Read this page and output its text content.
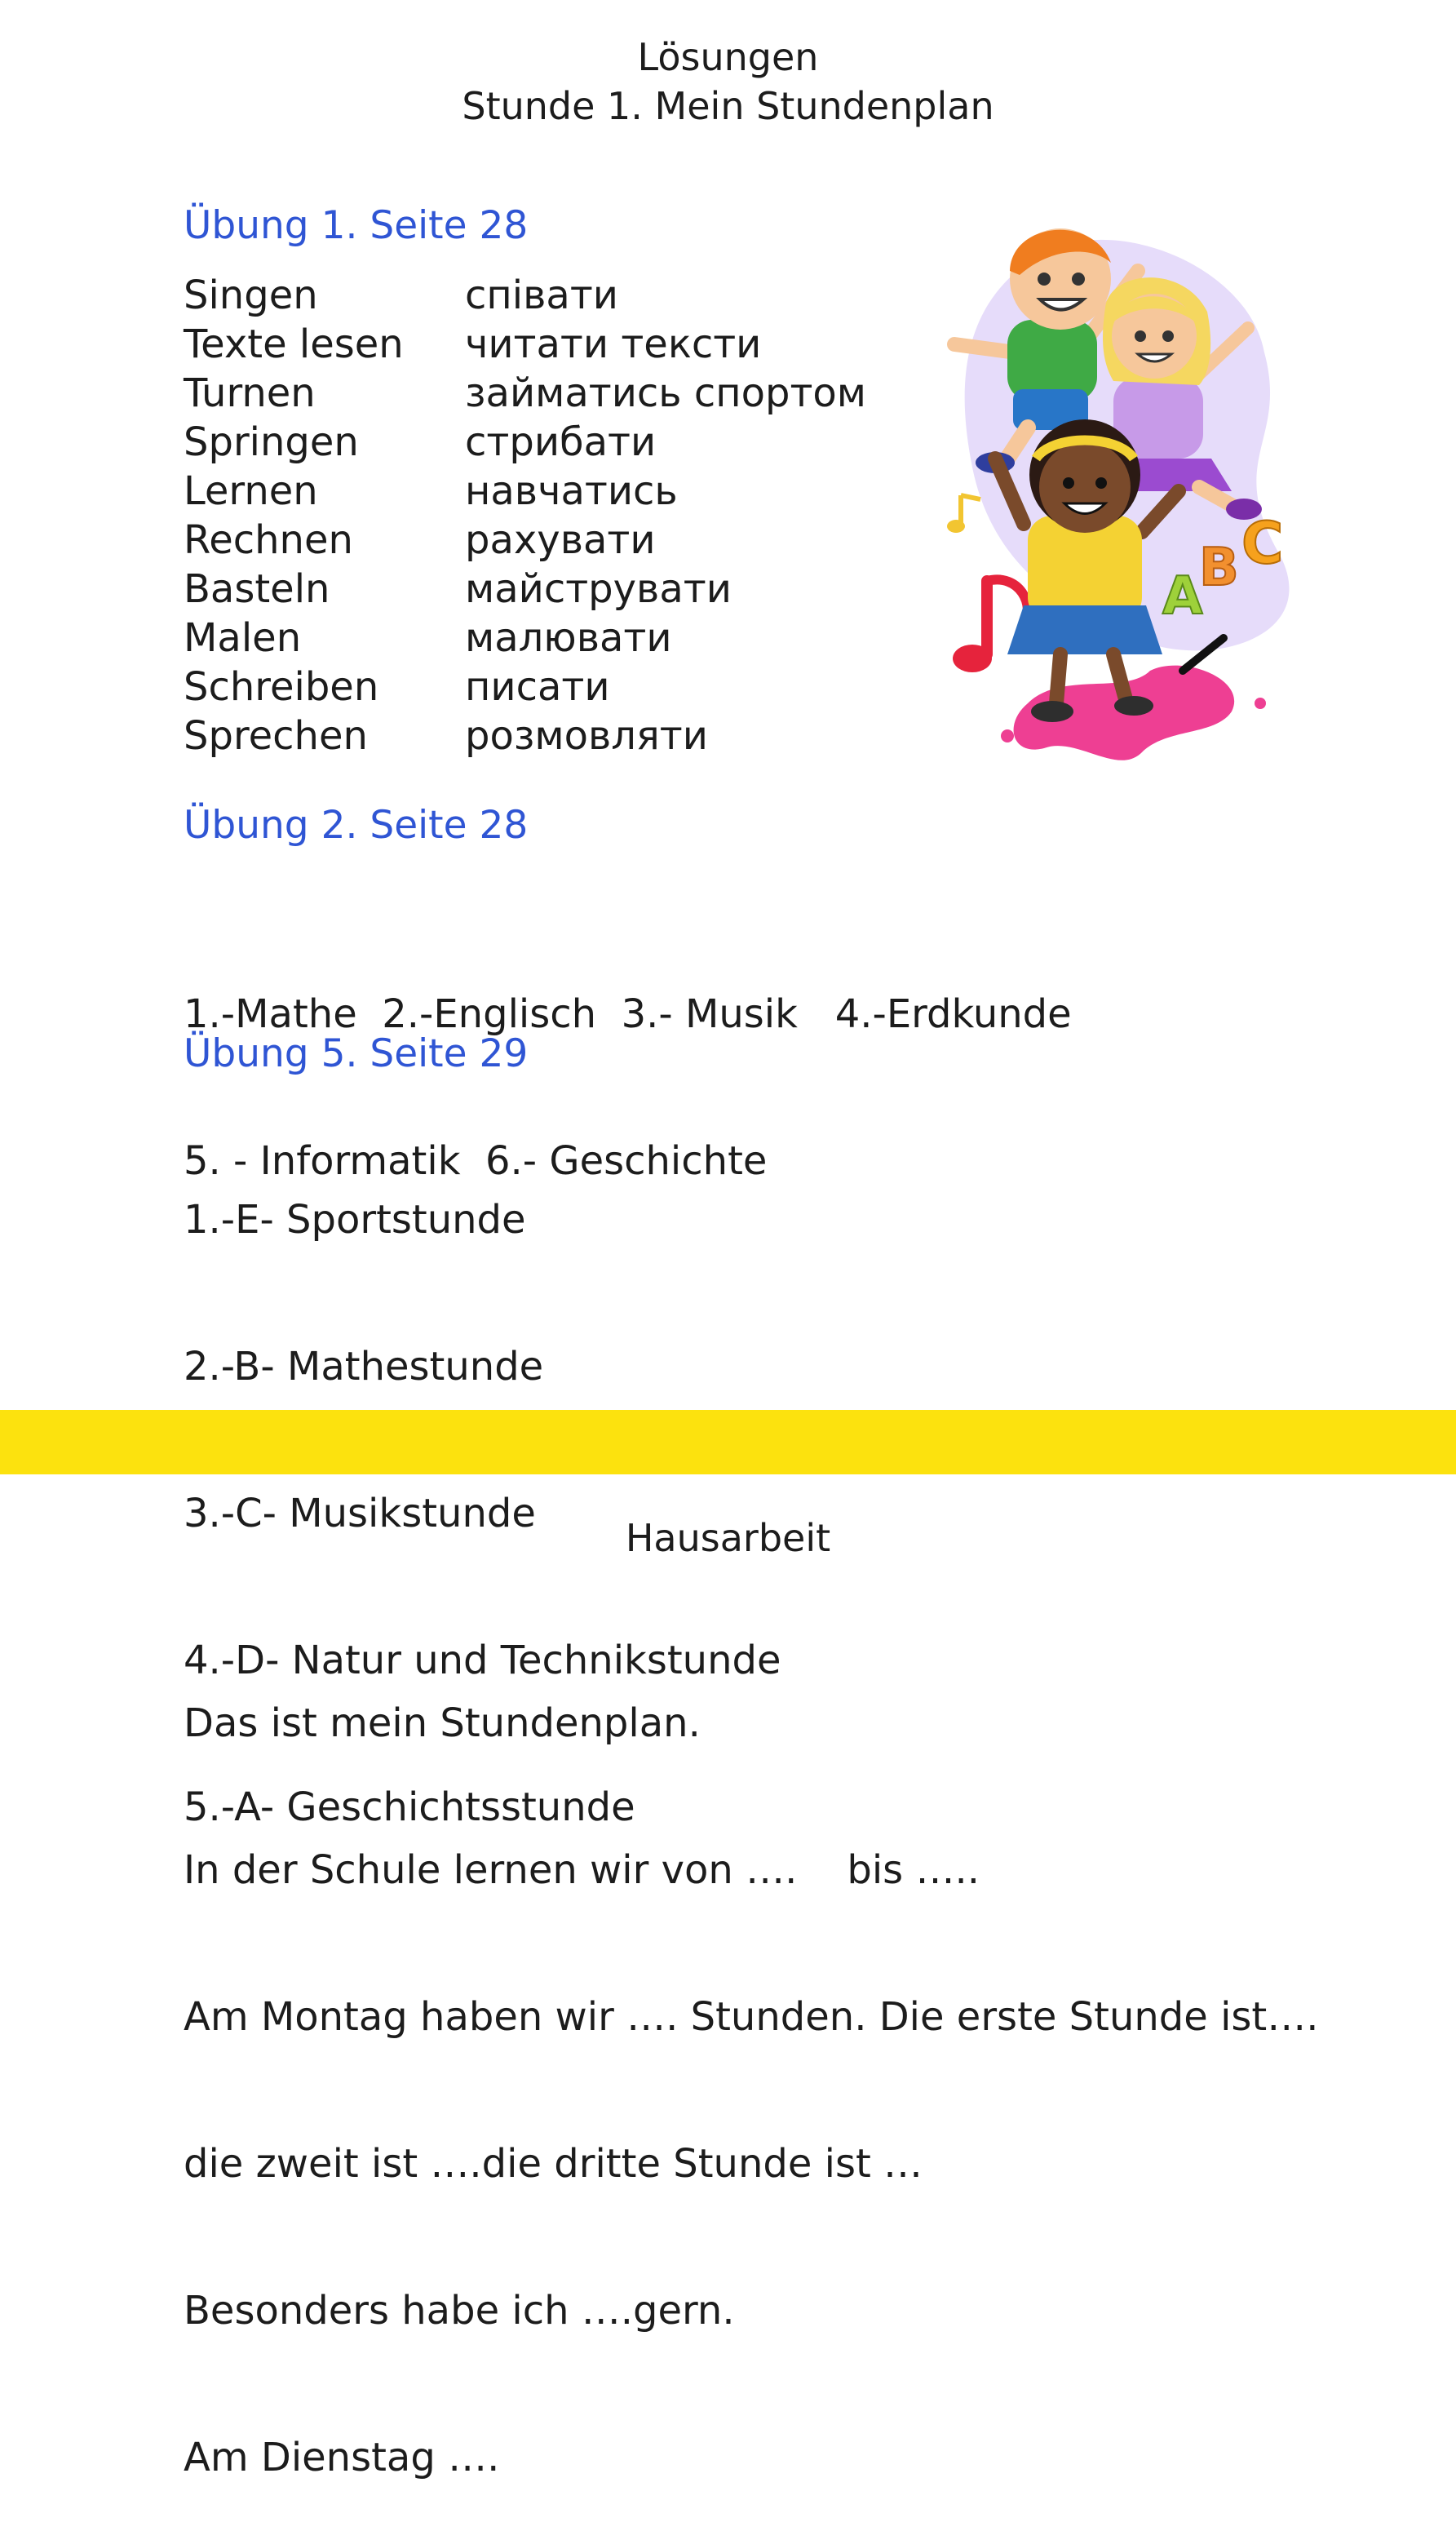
Lösungen
Stunde 1. Mein Stundenplan
Übung 1. Seite 28
Singen	співати
Texte lesen читати тексти
Turnen	займатись спортом
Springen	стрибати
Lernen	навчатись
Rechnen	рахувати
Basteln	майструвати
Malen	малювати
Schreiben писати
Sprechen розмовляти
A
B C
Übung 2. Seite 28

1.-Mathe  2.-Englisch  3.- Musik   4.-Erdkunde

5. - Informatik  6.- Geschichte

Übung 5. Seite 29

1.-E- Sportstunde

2.-B- Mathestunde

3.-C- Musikstunde

4.-D- Natur und Technikstunde

5.-A- Geschichtsstunde

Hausarbeit

Das ist mein Stundenplan.

In der Schule lernen wir von ….    bis …..

Am Montag haben wir …. Stunden. Die erste Stunde ist….

die zweit ist ….die dritte Stunde ist …

Besonders habe ich ….gern.

Am Dienstag ….
